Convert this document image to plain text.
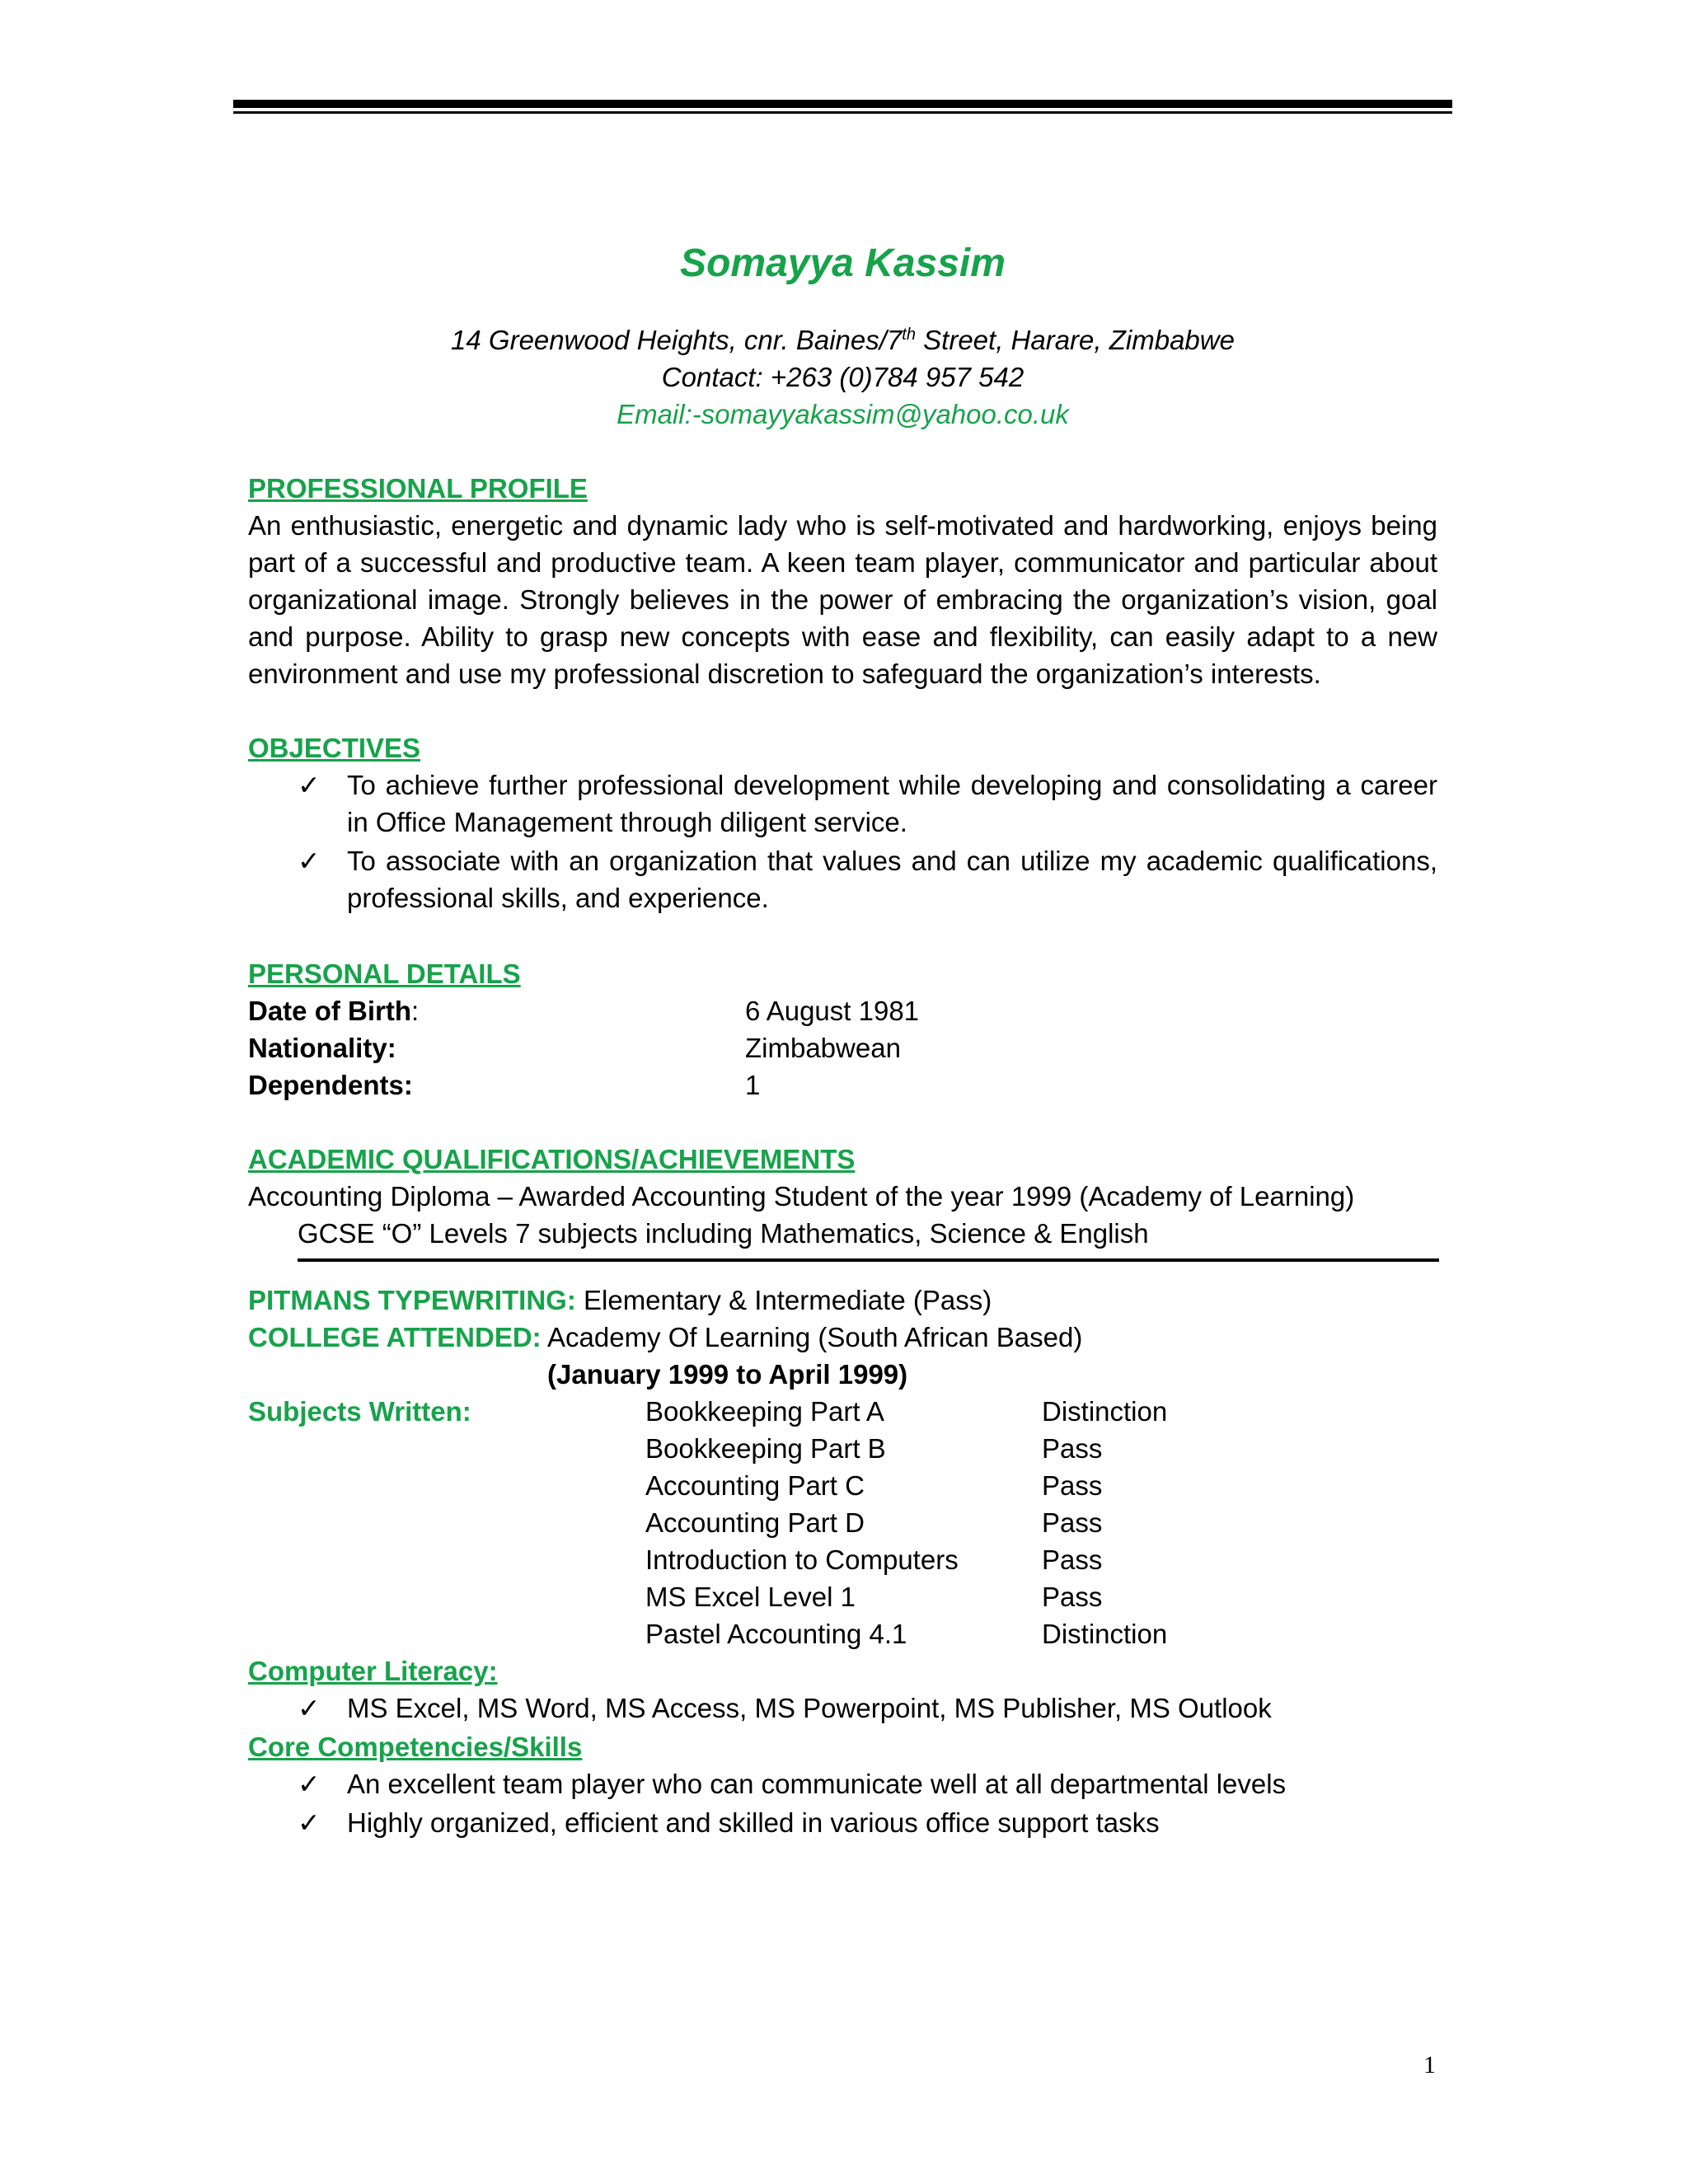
Somayya Kassim
14 Greenwood Heights, cnr. Baines/7th Street, Harare, Zimbabwe
Contact: +263 (0)784 957 542
Email:-somayyakassim@yahoo.co.uk
PROFESSIONAL PROFILE

An enthusiastic, energetic and dynamic lady who is self-motivated and hardworking, enjoys being part of a successful and productive team. A keen team player, communicator and particular about organizational image. Strongly believes in the power of embracing the organization’s vision, goal and purpose. Ability to grasp new concepts with ease and flexibility, can easily adapt to a new environment and use my professional discretion to safeguard the organization’s interests.

OBJECTIVES
✓ To achieve further professional development while developing and consolidating a career in Office Management through diligent service.
✓ To associate with an organization that values and can utilize my academic qualifications, professional skills, and experience.
PERSONAL DETAILS
Date of Birth:	6 August 1981
Nationality:	Zimbabwean
Dependents:	1
ACADEMIC QUALIFICATIONS/ACHIEVEMENTS
Accounting Diploma – Awarded Accounting Student of the year 1999 (Academy of Learning)
GCSE “O” Levels 7 subjects including Mathematics, Science & English
PITMANS TYPEWRITING: Elementary & Intermediate (Pass)
COLLEGE ATTENDED: Academy Of Learning (South African Based)
(January 1999 to April 1999)
Subjects Written:	Bookkeeping Part A	Distinction
Bookkeeping Part B	Pass
Accounting Part C	Pass
Accounting Part D	Pass
Introduction to Computers	Pass
MS Excel Level 1	Pass
Pastel Accounting 4.1	Distinction
Computer Literacy:
✓ MS Excel, MS Word, MS Access, MS Powerpoint, MS Publisher, MS Outlook
Core Competencies/Skills
✓ An excellent team player who can communicate well at all departmental levels
✓ Highly organized, efficient and skilled in various office support tasks
1
